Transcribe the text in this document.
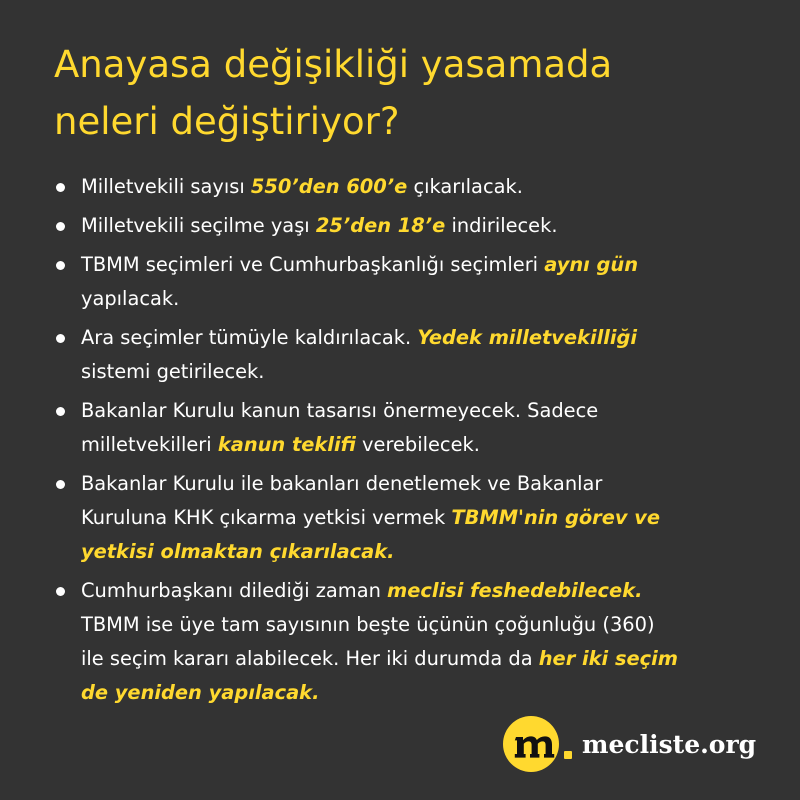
Anayasa değişikliği yasamada
neleri değiştiriyor?
Milletvekili sayısı 550’den 600’e çıkarılacak.
Milletvekili seçilme yaşı 25’den 18’e indirilecek.
TBMM seçimleri ve Cumhurbaşkanlığı seçimleri aynı gün
yapılacak.
Ara seçimler tümüyle kaldırılacak. Yedek milletvekilliği
sistemi getirilecek.
Bakanlar Kurulu kanun tasarısı önermeyecek. Sadece
milletvekilleri kanun teklifi verebilecek.
Bakanlar Kurulu ile bakanları denetlemek ve Bakanlar
Kuruluna KHK çıkarma yetkisi vermek TBMM'nin görev ve
yetkisi olmaktan çıkarılacak.
Cumhurbaşkanı dilediği zaman meclisi feshedebilecek.
TBMM ise üye tam sayısının beşte üçünün çoğunluğu (360)
ile seçim kararı alabilecek. Her iki durumda da her iki seçim
de yeniden yapılacak.
mecliste.org
